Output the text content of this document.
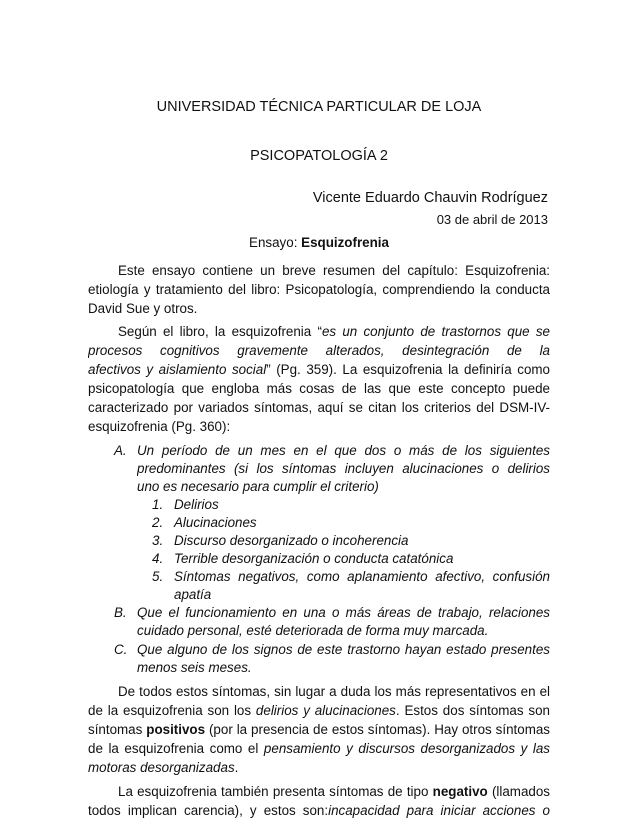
UNIVERSIDAD TÉCNICA PARTICULAR DE LOJA
PSICOPATOLOGÍA 2
Vicente Eduardo Chauvin Rodríguez
03 de abril de 2013
Ensayo: Esquizofrenia
Este ensayo contiene un breve resumen del capítulo: Esquizofrenia:
etiología y tratamiento del libro: Psicopatología, comprendiendo la conducta
David Sue y otros.
Según el libro, la esquizofrenia “es un conjunto de trastornos que se
procesos cognitivos gravemente alterados, desintegración de la
afectivos y aislamiento social” (Pg. 359). La esquizofrenia la definiría como
psicopatología que engloba más cosas de las que este concepto puede
caracterizado por variados síntomas, aquí se citan los criterios del DSM-IV-
esquizofrenia (Pg. 360):
A. Un período de un mes en el que dos o más de los siguientes
predominantes (si los síntomas incluyen alucinaciones o delirios
uno es necesario para cumplir el criterio)
1. Delirios
2. Alucinaciones
3. Discurso desorganizado o incoherencia
4. Terrible desorganización o conducta catatónica
5. Síntomas negativos, como aplanamiento afectivo, confusión
apatía
B. Que el funcionamiento en una o más áreas de trabajo, relaciones
cuidado personal, esté deteriorada de forma muy marcada.
C. Que alguno de los signos de este trastorno hayan estado presentes
menos seis meses.
De todos estos síntomas, sin lugar a duda los más representativos en el
de la esquizofrenia son los delirios y alucinaciones. Estos dos síntomas son
síntomas positivos (por la presencia de estos síntomas). Hay otros síntomas
de la esquizofrenia como el pensamiento y discursos desorganizados y las
motoras desorganizadas.
La esquizofrenia también presenta síntomas de tipo negativo (llamados
todos implican carencia), y estos son:incapacidad para iniciar acciones o
